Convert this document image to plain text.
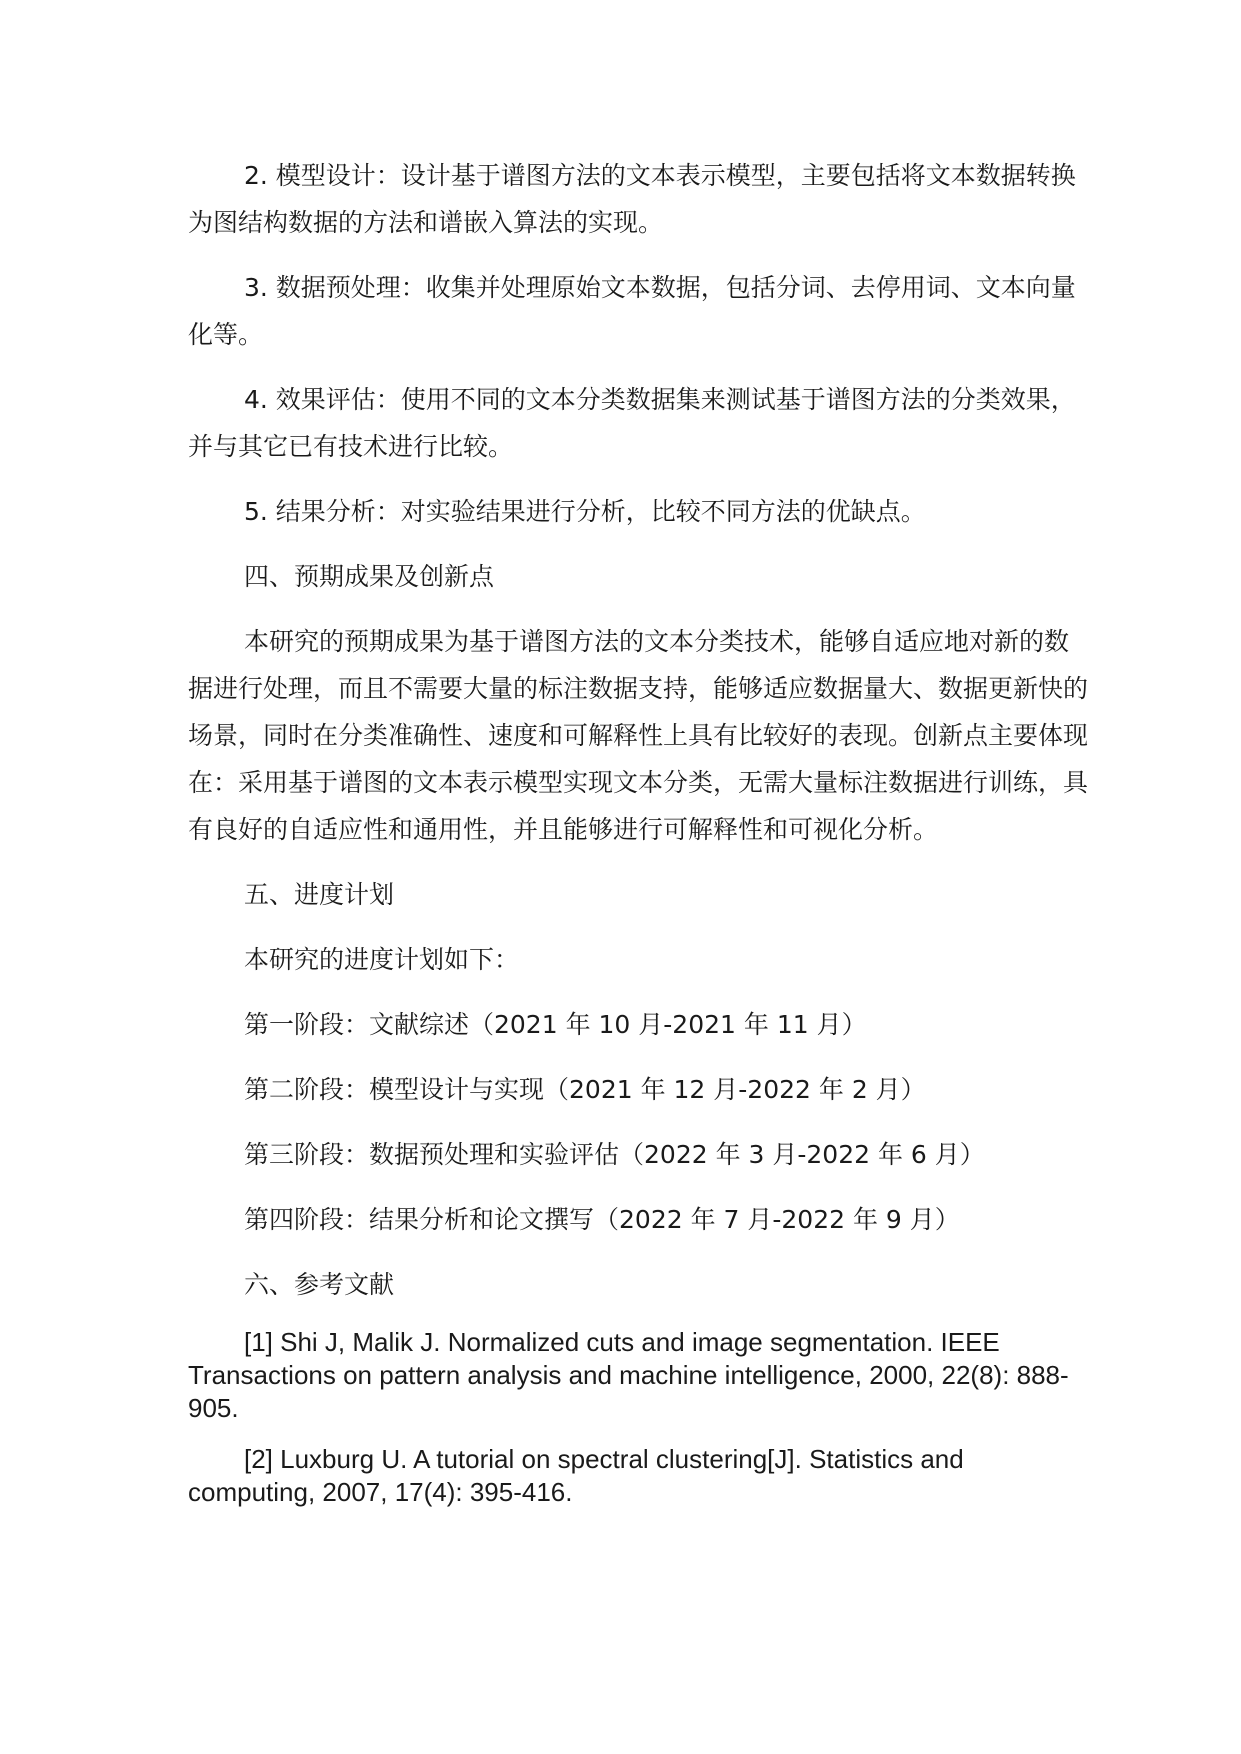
2. 模型设计：设计基于谱图方法的文本表示模型，主要包括将文本数据转换为图结构数据的方法和谱嵌入算法的实现。

3. 数据预处理：收集并处理原始文本数据，包括分词、去停用词、文本向量化等。

4. 效果评估：使用不同的文本分类数据集来测试基于谱图方法的分类效果，并与其它已有技术进行比较。

5. 结果分析：对实验结果进行分析，比较不同方法的优缺点。

四、预期成果及创新点

本研究的预期成果为基于谱图方法的文本分类技术，能够自适应地对新的数据进行处理，而且不需要大量的标注数据支持，能够适应数据量大、数据更新快的场景，同时在分类准确性、速度和可解释性上具有比较好的表现。创新点主要体现在：采用基于谱图的文本表示模型实现文本分类，无需大量标注数据进行训练，具有良好的自适应性和通用性，并且能够进行可解释性和可视化分析。

五、进度计划

本研究的进度计划如下：

第一阶段：文献综述（2021 年 10 月-2021 年 11 月）

第二阶段：模型设计与实现（2021 年 12 月-2022 年 2 月）

第三阶段：数据预处理和实验评估（2022 年 3 月-2022 年 6 月）

第四阶段：结果分析和论文撰写（2022 年 7 月-2022 年 9 月）

六、参考文献

[1] Shi J, Malik J. Normalized cuts and image segmentation. IEEE Transactions on pattern analysis and machine intelligence, 2000, 22(8): 888-905.

[2] Luxburg U. A tutorial on spectral clustering[J]. Statistics and computing, 2007, 17(4): 395-416.
